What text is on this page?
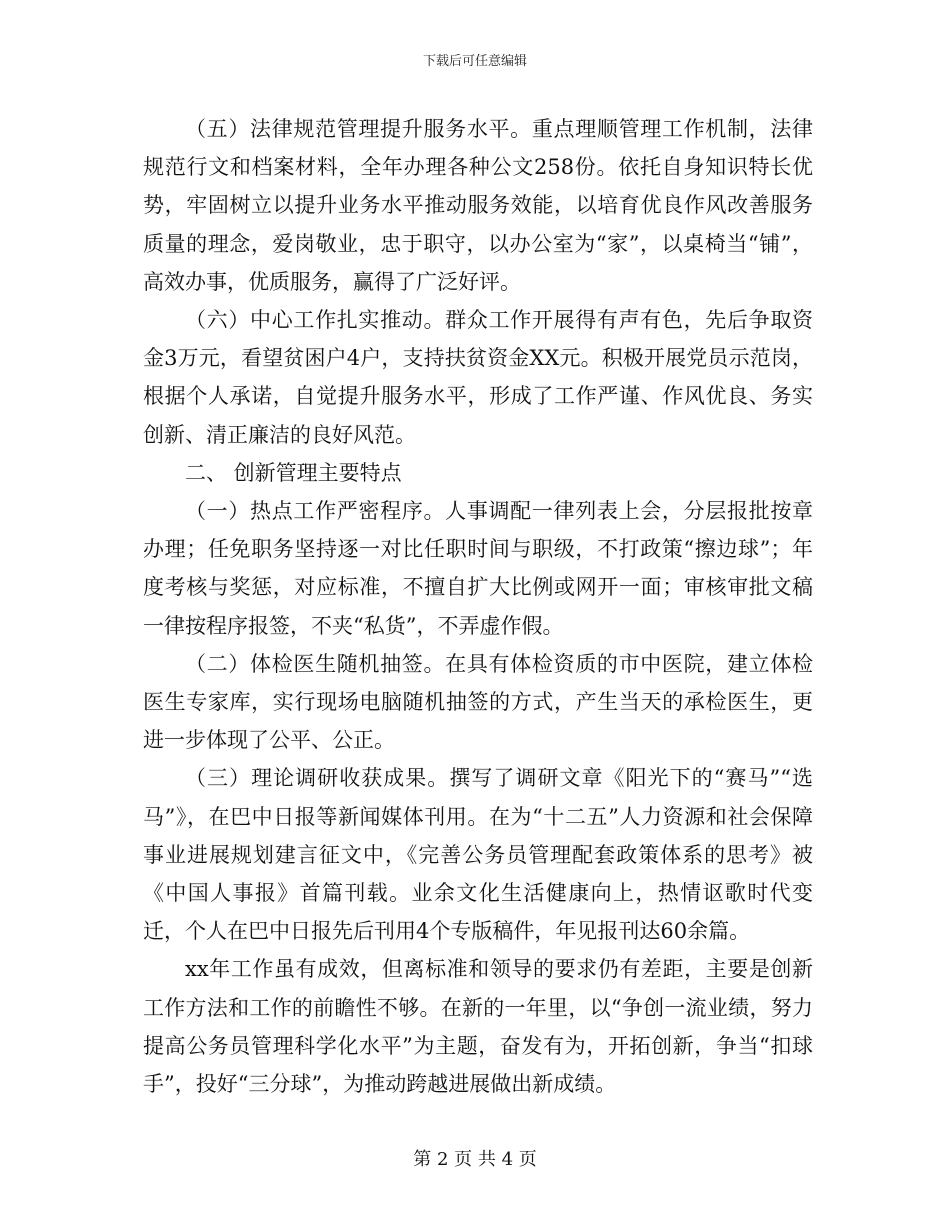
下载后可任意编辑

（五）法律规范管理提升服务水平。重点理顺管理工作机制，法律规范行文和档案材料，全年办理各种公文258份。依托自身知识特长优势，牢固树立以提升业务水平推动服务效能，以培育优良作风改善服务质量的理念，爱岗敬业，忠于职守，以办公室为“家”，以桌椅当“铺”， 高效办事，优质服务，赢得了广泛好评。

（六）中心工作扎实推动。群众工作开展得有声有色，先后争取资金3万元，看望贫困户4户，支持扶贫资金XX元。积极开展党员示范岗，根据个人承诺，自觉提升服务水平，形成了工作严谨、作风优良、务实创新、清正廉洁的良好风范。

二、 创新管理主要特点

（一）热点工作严密程序。人事调配一律列表上会，分层报批按章办理；任免职务坚持逐一对比任职时间与职级，不打政策“擦边球”；年度考核与奖惩，对应标准，不擅自扩大比例或网开一面；审核审批文稿一律按程序报签，不夹“私货”，不弄虚作假。

（二）体检医生随机抽签。在具有体检资质的市中医院，建立体检医生专家库，实行现场电脑随机抽签的方式，产生当天的承检医生，更进一步体现了公平、公正。

（三）理论调研收获成果。撰写了调研文章《阳光下的“赛马”“选马”》，在巴中日报等新闻媒体刊用。在为“十二五”人力资源和社会保障事业进展规划建言征文中，《完善公务员管理配套政策体系的思考》被《中国人事报》首篇刊载。业余文化生活健康向上，热情讴歌时代变迁，个人在巴中日报先后刊用4个专版稿件，年见报刊达60余篇。

xx年工作虽有成效，但离标准和领导的要求仍有差距，主要是创新工作方法和工作的前瞻性不够。在新的一年里，以“争创一流业绩，努力提高公务员管理科学化水平”为主题，奋发有为，开拓创新，争当“扣球手”，投好“三分球”，为推动跨越进展做出新成绩。

第 2 页 共 4 页
